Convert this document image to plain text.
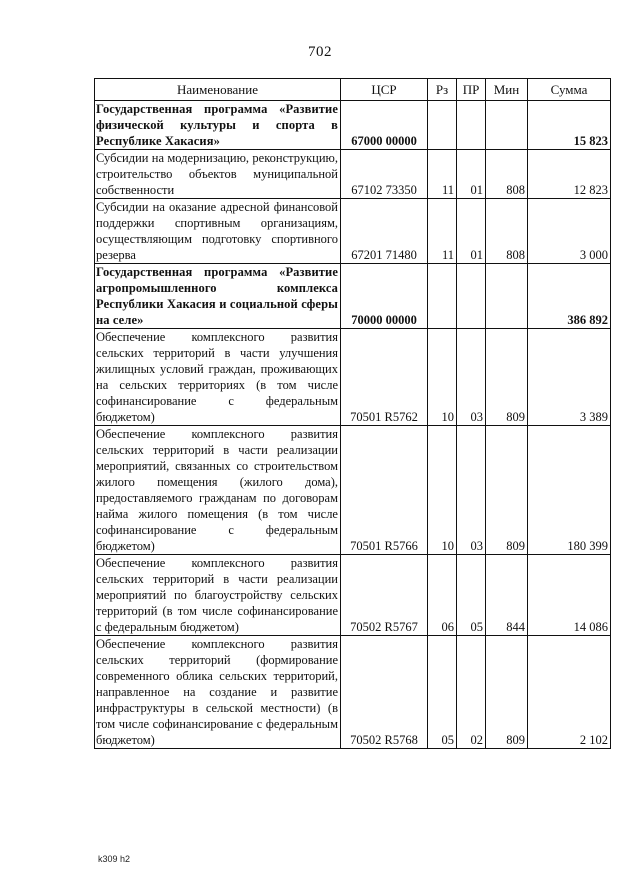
702
Наименование	ЦСР	Рз	ПР	Мин	Сумма
Государственная программа «Развитие физической культуры и спорта в Республике Хакасия»	67000 00000				15 823
Субсидии на модернизацию, реконструкцию, строительство объектов муниципальной собственности	67102 73350	11	01	808	12 823
Субсидии на оказание адресной финансовой поддержки спортивным организациям, осуществляющим подготовку спортивного резерва	67201 71480	11	01	808	3 000
Государственная программа «Развитие агропромышленного комплекса Республики Хакасия и социальной сферы на селе»	70000 00000				386 892
Обеспечение комплексного развития сельских территорий в части улучшения жилищных условий граждан, проживающих на сельских территориях (в том числе софинансирование с федеральным бюджетом)	70501 R5762	10	03	809	3 389
Обеспечение комплексного развития сельских территорий в части реализации мероприятий, связанных со строительством жилого помещения (жилого дома), предоставляемого гражданам по договорам найма жилого помещения (в том числе софинансирование с федеральным бюджетом)	70501 R5766	10	03	809	180 399
Обеспечение комплексного развития сельских территорий в части реализации мероприятий по благоустройству сельских территорий (в том числе софинансирование с федеральным бюджетом)	70502 R5767	06	05	844	14 086
Обеспечение комплексного развития сельских территорий (формирование современного облика сельских территорий, направленное на создание и развитие инфраструктуры в сельской местности) (в том числе софинансирование с федеральным бюджетом)	70502 R5768	05	02	809	2 102
k309 h2
